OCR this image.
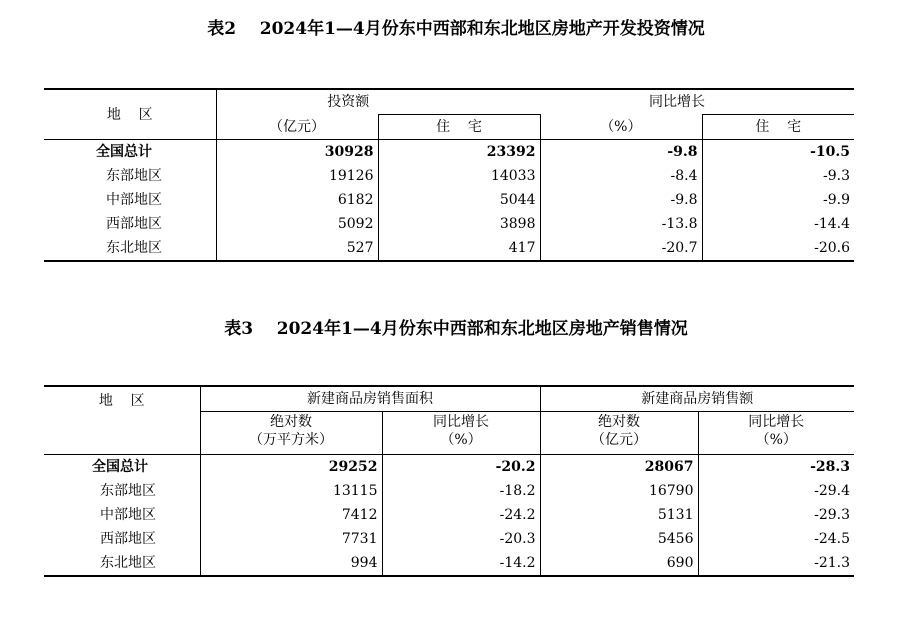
表2    2024年1—4月份东中西部和东北地区房地产开发投资情况
地    区	投资额		同比增长	
	（亿元）	住    宅	（%）	住    宅
全国总计	30928	23392	-9.8	-10.5
东部地区	19126	14033	-8.4	-9.3
中部地区	6182	5044	-9.8	-9.9
西部地区	5092	3898	-13.8	-14.4
东北地区	527	417	-20.7	-20.6
表3    2024年1—4月份东中西部和东北地区房地产销售情况
地    区	新建商品房销售面积		新建商品房销售额	
	绝对数	同比增长	绝对数	同比增长
	（万平方米）	（%）	（亿元）	（%）
全国总计	29252	-20.2	28067	-28.3
东部地区	13115	-18.2	16790	-29.4
中部地区	7412	-24.2	5131	-29.3
西部地区	7731	-20.3	5456	-24.5
东北地区	994	-14.2	690	-21.3
